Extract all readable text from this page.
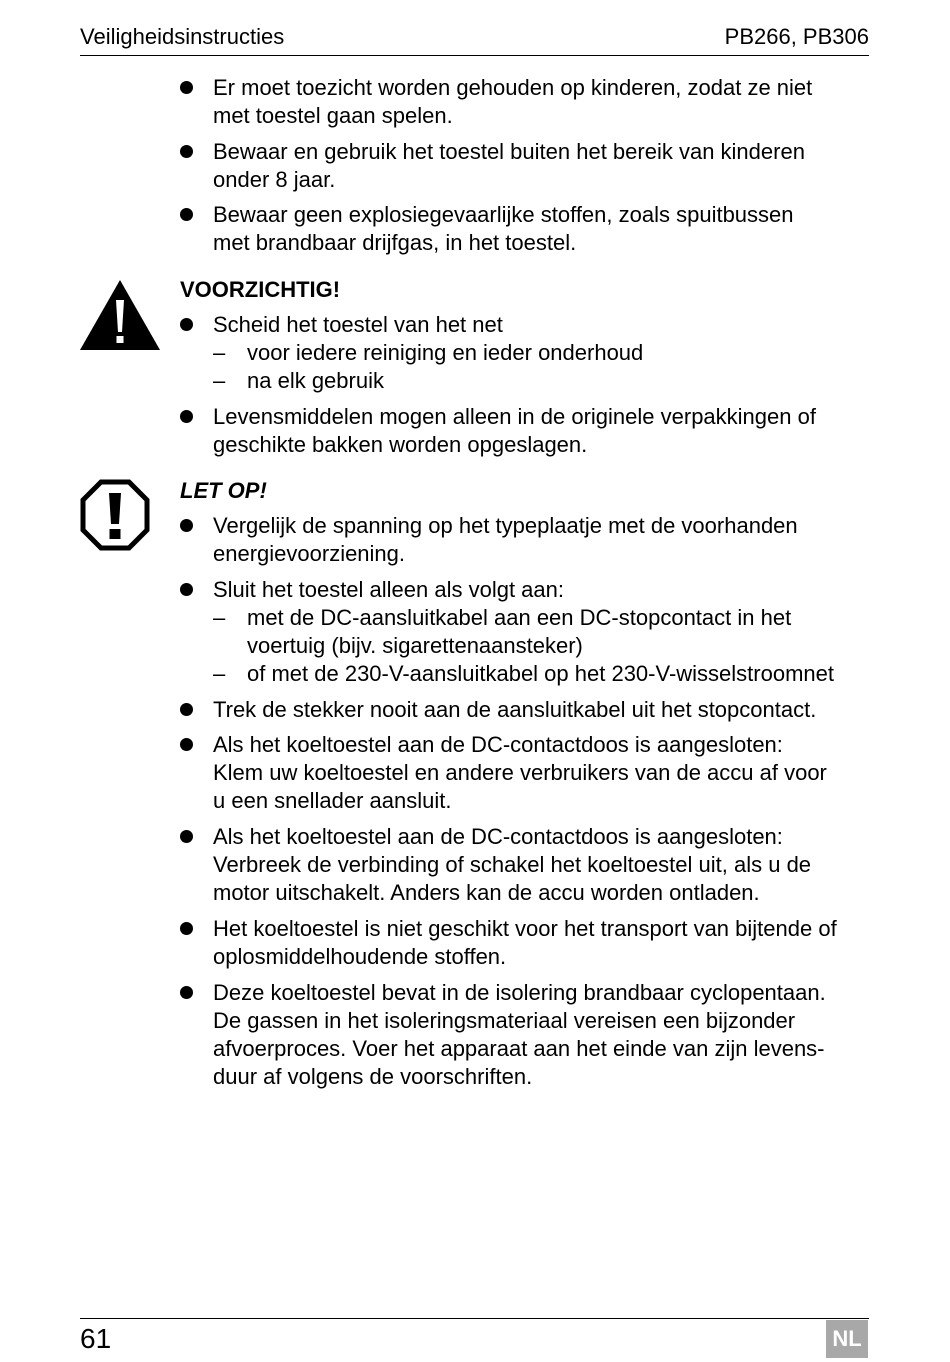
Veiligheidsinstructies	PB266, PB306
Er moet toezicht worden gehouden op kinderen, zodat ze niet
met toestel gaan spelen.
Bewaar en gebruik het toestel buiten het bereik van kinderen
onder 8 jaar.
Bewaar geen explosiegevaarlijke stoffen, zoals spuitbussen
met brandbaar drijfgas, in het toestel.
VOORZICHTIG!
Scheid het toestel van het net
– voor iedere reiniging en ieder onderhoud
– na elk gebruik
Levensmiddelen mogen alleen in de originele verpakkingen of
geschikte bakken worden opgeslagen.
LET OP!
Vergelijk de spanning op het typeplaatje met de voorhanden
energievoorziening.
Sluit het toestel alleen als volgt aan:
– met de DC-aansluitkabel aan een DC-stopcontact in het
voertuig (bijv. sigarettenaansteker)
– of met de 230-V-aansluitkabel op het 230-V-wisselstroomnet
Trek de stekker nooit aan de aansluitkabel uit het stopcontact.
Als het koeltoestel aan de DC-contactdoos is aangesloten:
Klem uw koeltoestel en andere verbruikers van de accu af voor
u een snellader aansluit.
Als het koeltoestel aan de DC-contactdoos is aangesloten:
Verbreek de verbinding of schakel het koeltoestel uit, als u de
motor uitschakelt. Anders kan de accu worden ontladen.
Het koeltoestel is niet geschikt voor het transport van bijtende of
oplosmiddelhoudende stoffen.
Deze koeltoestel bevat in de isolering brandbaar cyclopentaan.
De gassen in het isoleringsmateriaal vereisen een bijzonder
afvoerproces. Voer het apparaat aan het einde van zijn levens-
duur af volgens de voorschriften.
61	NL
